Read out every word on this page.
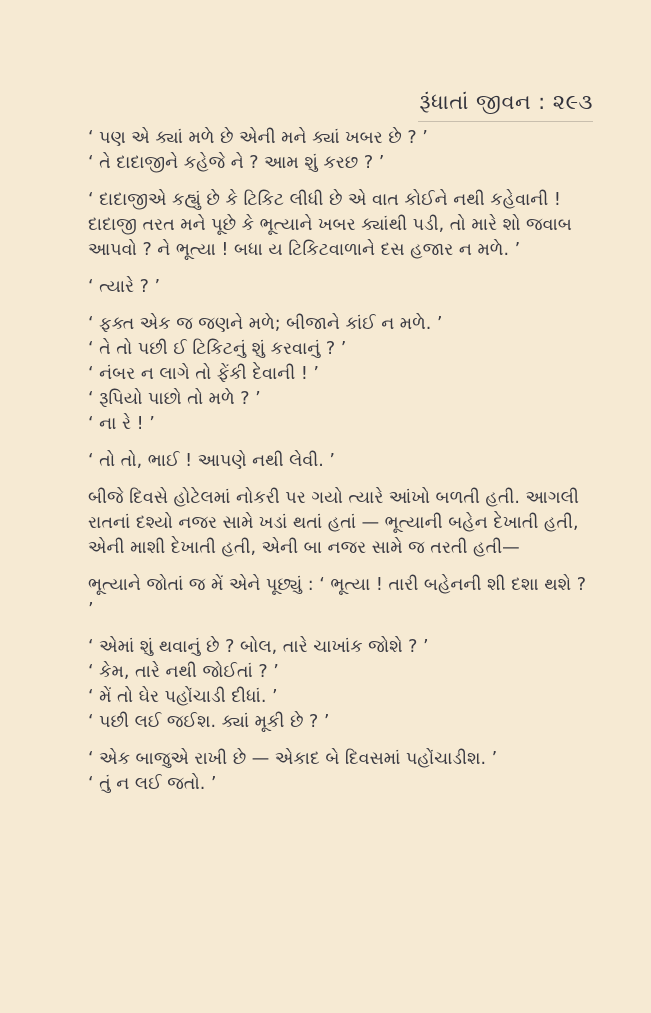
રૂંધાતાં જીવન : ૨૯૩
‘ પણ એ ક્યાં મળે છે એની મને ક્યાં ખબર છે ? ’
‘ તે દાદાજીને કહેજે ને ? આમ શું કરછ ? ’
‘ દાદાજીએ કહ્યું છે કે ટિકિટ લીધી છે એ વાત કોઈને નથી કહેવાની ! દાદાજી તરત મને પૂછે કે ભૂત્યાને ખબર ક્યાંથી પડી, તો મારે શો જવાબ આપવો ? ને ભૂત્યા ! બધા ય ટિકિટવાળાને દસ હજાર ન મળે. ’
‘ ત્યારે ? ’
‘ ફક્ત એક જ જણને મળે; બીજાને કાંઈ ન મળે. ’
‘ તે તો પછી ઈ ટિકિટનું શું કરવાનું ? ’
‘ નંબર ન લાગે તો ફેંકી દેવાની ! ’
‘ રૂપિયો પાછો તો મળે ? ’
‘ ના રે ! ’
‘ તો તો, ભાઈ ! આપણે નથી લેવી. ’
બીજે દિવસે હોટેલમાં નોકરી પર ગયો ત્યારે આંખો બળતી હતી. આગલી રાતનાં દશ્યો નજર સામે ખડાં થતાં હતાં — ભૂત્યાની બહેન દેખાતી હતી, એની માશી દેખાતી હતી, એની બા નજર સામે જ તરતી હતી—
ભૂત્યાને જોતાં જ મેં એને પૂછ્યું : ‘ ભૂત્યા ! તારી બહેનની શી દશા થશે ? ’
‘ એમાં શું થવાનું છે ? બોલ, તારે ચાખાંક જોશે ? ’
‘ કેમ, તારે નથી જોઈતાં ? ’
‘ મેં તો ઘેર પહોંચાડી દીધાં. ’
‘ પછી લઈ જઈશ. ક્યાં મૂકી છે ? ’
‘ એક બાજુએ રાખી છે — એકાદ બે દિવસમાં પહોંચાડીશ. ’
‘ તું ન લઈ જતો. ’
